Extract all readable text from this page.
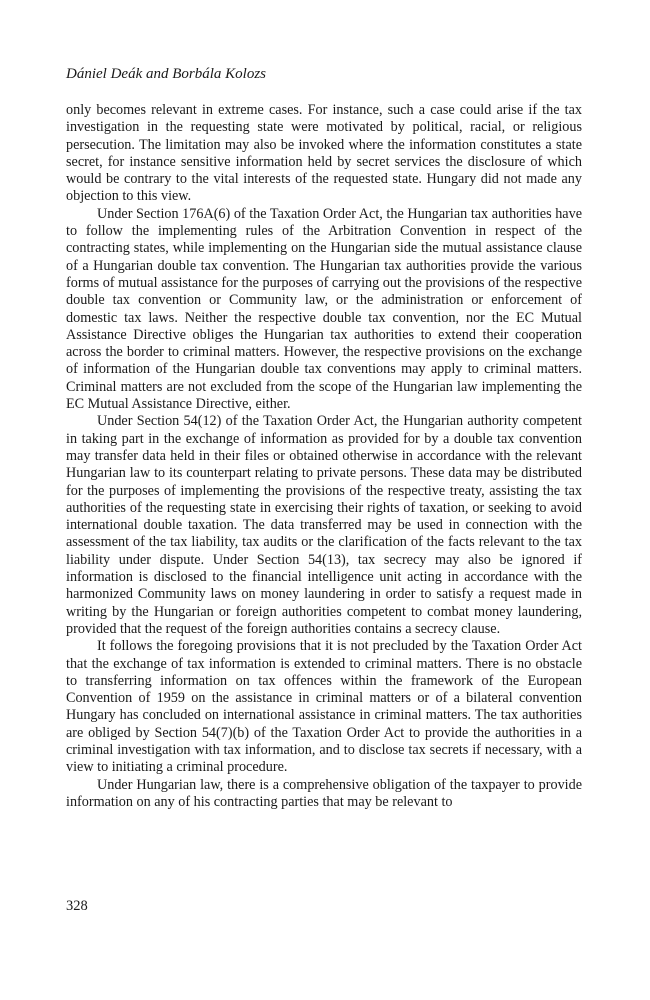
Dániel Deák and Borbála Kolozs

only becomes relevant in extreme cases. For instance, such a case could arise if the tax investigation in the requesting state were motivated by political, racial, or religious persecution. The limitation may also be invoked where the information constitutes a state secret, for instance sensitive information held by secret services the disclosure of which would be contrary to the vital interests of the requested state. Hungary did not made any objection to this view.

Under Section 176A(6) of the Taxation Order Act, the Hungarian tax authorities have to follow the implementing rules of the Arbitration Convention in respect of the contracting states, while implementing on the Hungarian side the mutual assistance clause of a Hungarian double tax convention. The Hungarian tax authorities provide the various forms of mutual assistance for the purposes of carrying out the provisions of the respective double tax convention or Community law, or the administration or enforcement of domestic tax laws. Neither the respective double tax convention, nor the EC Mutual Assistance Directive obliges the Hungarian tax authorities to extend their cooperation across the border to criminal matters. However, the respective provisions on the exchange of information of the Hungarian double tax conventions may apply to criminal matters. Criminal matters are not excluded from the scope of the Hungarian law implementing the EC Mutual Assistance Directive, either.

Under Section 54(12) of the Taxation Order Act, the Hungarian authority competent in taking part in the exchange of information as provided for by a double tax convention may transfer data held in their files or obtained otherwise in accordance with the relevant Hungarian law to its counterpart relating to private persons. These data may be distributed for the purposes of implementing the provisions of the respective treaty, assisting the tax authorities of the requesting state in exercising their rights of taxation, or seeking to avoid international double taxation. The data transferred may be used in connection with the assessment of the tax liability, tax audits or the clarification of the facts relevant to the tax liability under dispute. Under Section 54(13), tax secrecy may also be ignored if information is disclosed to the financial intelligence unit acting in accordance with the harmonized Community laws on money laundering in order to satisfy a request made in writing by the Hungarian or foreign authorities competent to combat money laundering, provided that the request of the foreign authorities contains a secrecy clause.

It follows the foregoing provisions that it is not precluded by the Taxation Order Act that the exchange of tax information is extended to criminal matters. There is no obstacle to transferring information on tax offences within the framework of the European Convention of 1959 on the assistance in criminal matters or of a bilateral convention Hungary has concluded on international assistance in criminal matters. The tax authorities are obliged by Section 54(7)(b) of the Taxation Order Act to provide the authorities in a criminal investigation with tax information, and to disclose tax secrets if necessary, with a view to initiating a criminal procedure.

Under Hungarian law, there is a comprehensive obligation of the taxpayer to provide information on any of his contracting parties that may be relevant to

328
